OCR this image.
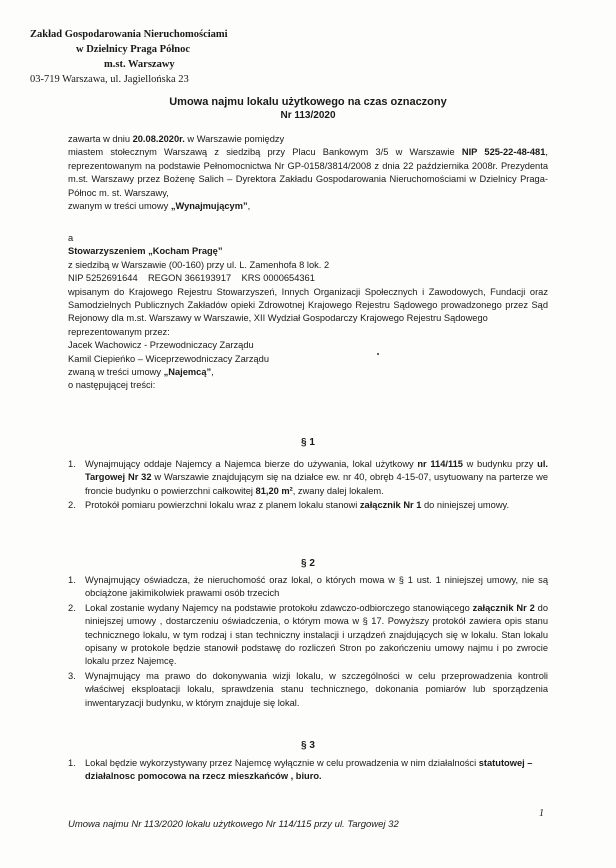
Zakład Gospodarowania Nieruchomościami
w Dzielnicy Praga Północ
m.st. Warszawy
03-719 Warszawa, ul. Jagiellońska 23
Umowa najmu lokalu użytkowego na czas oznaczony
Nr 113/2020
zawarta w dniu 20.08.2020r. w Warszawie pomiędzy
miastem stołecznym Warszawą z siedzibą przy Placu Bankowym 3/5 w Warszawie NIP 525-22-48-481, reprezentowanym na podstawie Pełnomocnictwa Nr GP-0158/3814/2008 z dnia 22 października 2008r. Prezydenta m.st. Warszawy przez Bożenę Salich – Dyrektora Zakładu Gospodarowania Nieruchomościami w Dzielnicy Praga-Północ m. st. Warszawy,
zwanym w treści umowy „Wynajmującym”,
a
Stowarzyszeniem „Kocham Pragę”
z siedzibą w Warszawie (00-160) przy ul. L. Zamenhofa 8 lok. 2
NIP 5252691644    REGON 366193917    KRS 0000654361
wpisanym do Krajowego Rejestru Stowarzyszeń, Innych Organizacji Społecznych i Zawodowych, Fundacji oraz Samodzielnych Publicznych Zakładów opieki Zdrowotnej Krajowego Rejestru Sądowego prowadzonego przez Sąd Rejonowy dla m.st. Warszawy w Warszawie, XII Wydział Gospodarczy Krajowego Rejestru Sądowego
reprezentowanym przez:
Jacek Wachowicz - Przewodniczacy Zarządu
Kamil Ciepieńko – Wiceprzewodniczacy Zarządu
zwaną w treści umowy „Najemcą”,
o następującej treści:
§ 1
1. Wynajmujący oddaje Najemcy a Najemca bierze do używania, lokal użytkowy nr 114/115 w budynku przy ul. Targowej Nr 32 w Warszawie znajdującym się na działce ew. nr 40, obręb 4-15-07, usytuowany na parterze we froncie budynku o powierzchni całkowitej 81,20 m², zwany dalej lokalem.
2. Protokół pomiaru powierzchni lokalu wraz z planem lokalu stanowi załącznik Nr 1 do niniejszej umowy.
§ 2
1. Wynajmujący oświadcza, że nieruchomość oraz lokal, o których mowa w § 1 ust. 1 niniejszej umowy, nie są obciążone jakimikolwiek prawami osób trzecich
2. Lokal zostanie wydany Najemcy na podstawie protokołu zdawczo-odbiorczego stanowiącego załącznik Nr 2 do niniejszej umowy , dostarczeniu oświadczenia, o którym mowa w § 17. Powyższy protokół zawiera opis stanu technicznego lokalu, w tym rodzaj i stan techniczny instalacji i urządzeń znajdujących się w lokalu. Stan lokalu opisany w protokole będzie stanowił podstawę do rozliczeń Stron po zakończeniu umowy najmu i po zwrocie lokalu przez Najemcę.
3. Wynajmujący ma prawo do dokonywania wizji lokalu, w szczególności w celu przeprowadzenia kontroli właściwej eksploatacji lokalu, sprawdzenia stanu technicznego, dokonania pomiarów lub sporządzenia inwentaryzacji budynku, w którym znajduje się lokal.
§ 3
1. Lokal będzie wykorzystywany przez Najemcę wyłącznie w celu prowadzenia w nim działalności statutowej – działalnosc pomocowa na rzecz mieszkańców , biuro.
1
Umowa najmu Nr 113/2020 lokalu użytkowego Nr 114/115 przy ul. Targowej 32
